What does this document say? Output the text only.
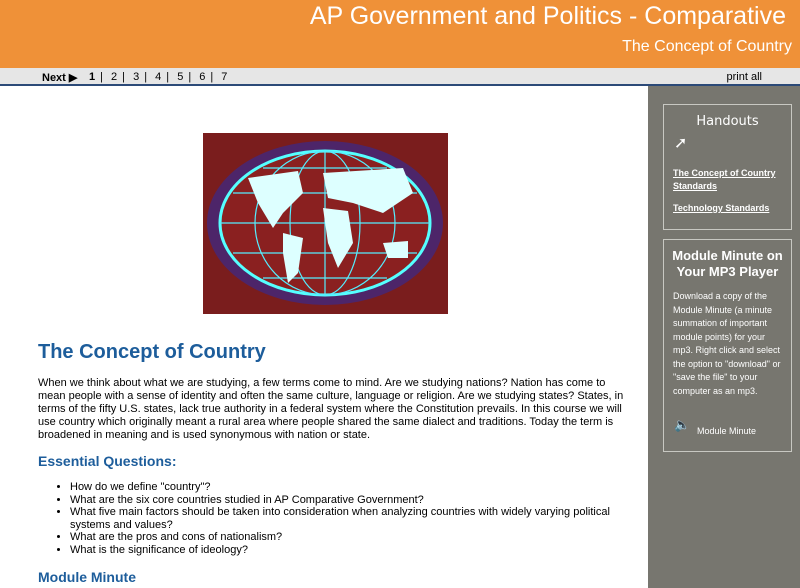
AP Government and Politics - Comparative
The Concept of Country
Next ▶ 1 | 2 | 3 | 4 | 5 | 6 | 7	print all
The Concept of Country

When we think about what we are studying, a few terms come to mind. Are we studying nations? Nation has come to mean people with a sense of identity and often the same culture, language or religion. Are we studying states? States, in terms of the fifty U.S. states, lack true authority in a federal system where the Constitution prevails. In this course we will use country which originally meant a rural area where people shared the same dialect and traditions. Today the term is broadened in meaning and is used synonymous with nation or state.

Essential Questions:
• How do we define "country"?
• What are the six core countries studied in AP Comparative Government?
• What five main factors should be taken into consideration when analyzing countries with widely varying political systems and values?
• What are the pros and cons of nationalism?
• What is the significance of ideology?
Module Minute
Handouts
➚
The Concept of Country Standards
Technology Standards
Module Minute on Your MP3 Player

Download a copy of the Module Minute (a minute summation of important module points) for your mp3. Right click and select the option to "download" or "save the file" to your computer as an mp3.

🔈 Module Minute
